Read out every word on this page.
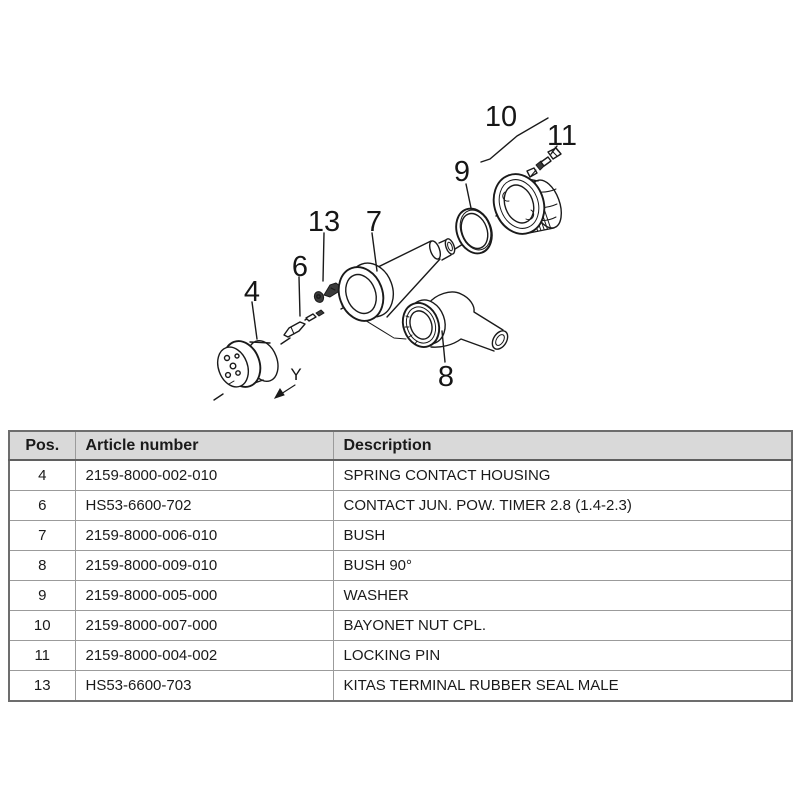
4
6
13 7
9
10
11
8
Y
Pos.	Article number	Description
4	2159-8000-002-010	SPRING CONTACT HOUSING
6	HS53-6600-702	CONTACT JUN. POW. TIMER 2.8 (1.4-2.3)
7	2159-8000-006-010	BUSH
8	2159-8000-009-010	BUSH 90°
9	2159-8000-005-000	WASHER
10	2159-8000-007-000	BAYONET NUT CPL.
11	2159-8000-004-002	LOCKING PIN
13	HS53-6600-703	KITAS TERMINAL RUBBER SEAL MALE
